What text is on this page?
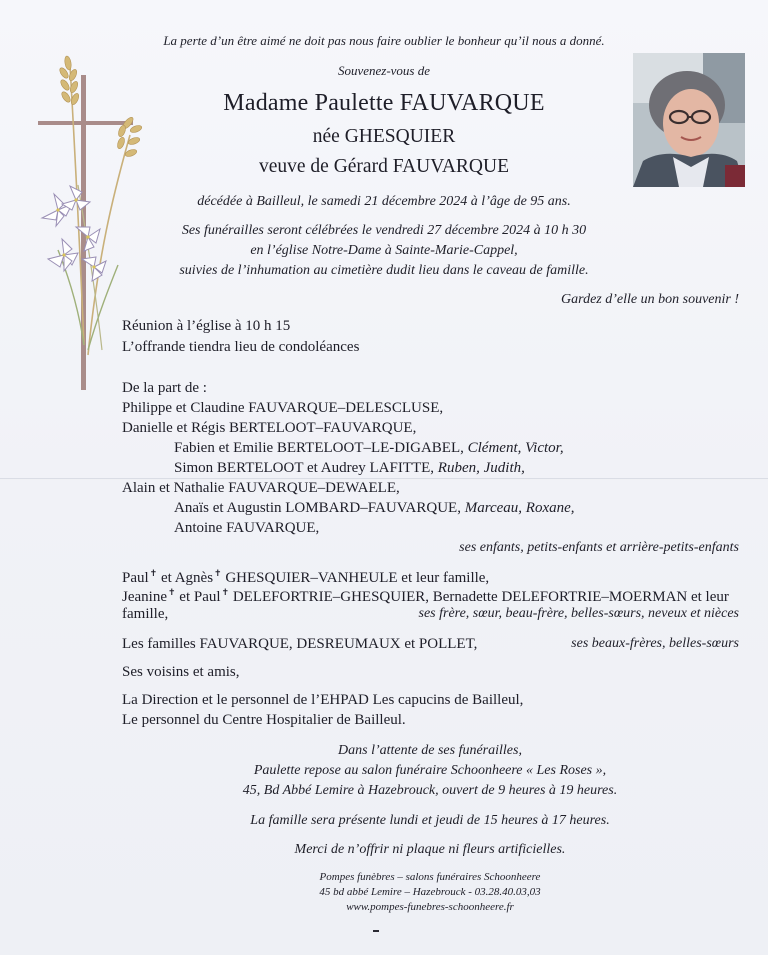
La perte d’un être aimé ne doit pas nous faire oublier le bonheur qu’il nous a donné.
Souvenez-vous de
Madame Paulette FAUVARQUE
née GHESQUIER
veuve de Gérard FAUVARQUE
décédée à Bailleul, le samedi 21 décembre 2024 à l’âge de 95 ans.
Ses funérailles seront célébrées le vendredi 27 décembre 2024 à 10 h 30
en l’église Notre-Dame à Sainte-Marie-Cappel,
suivies de l’inhumation au cimetière dudit lieu dans le caveau de famille.
Gardez d’elle un bon souvenir !
Réunion à l’église à 10 h 15
L’offrande tiendra lieu de condoléances
De la part de :
Philippe et Claudine FAUVARQUE–DELESCLUSE,
Danielle et Régis BERTELOOT–FAUVARQUE,
Fabien et Emilie BERTELOOT–LE-DIGABEL, Clément, Victor,
Simon BERTELOOT et Audrey LAFITTE, Ruben, Judith,
Alain et Nathalie FAUVARQUE–DEWAELE,
Anaïs et Augustin LOMBARD–FAUVARQUE, Marceau, Roxane,
Antoine FAUVARQUE,
ses enfants, petits-enfants et arrière-petits-enfants
Paul✝ et Agnès✝ GHESQUIER–VANHEULE et leur famille,
Jeanine✝ et Paul✝ DELEFORTRIE–GHESQUIER, Bernadette DELEFORTRIE–MOERMAN et leur
famille,	ses frère, sœur, beau-frère, belles-sœurs, neveux et nièces
Les familles FAUVARQUE, DESREUMAUX et POLLET,	ses beaux-frères, belles-sœurs
Ses voisins et amis,
La Direction et le personnel de l’EHPAD Les capucins de Bailleul,
Le personnel du Centre Hospitalier de Bailleul.
Dans l’attente de ses funérailles,
Paulette repose au salon funéraire Schoonheere « Les Roses »,
45, Bd Abbé Lemire à Hazebrouck, ouvert de 9 heures à 19 heures.
La famille sera présente lundi et jeudi de 15 heures à 17 heures.
Merci de n’offrir ni plaque ni fleurs artificielles.
Pompes funèbres – salons funéraires Schoonheere
45 bd abbé Lemire – Hazebrouck - 03.28.40.03,03
www.pompes-funebres-schoonheere.fr
